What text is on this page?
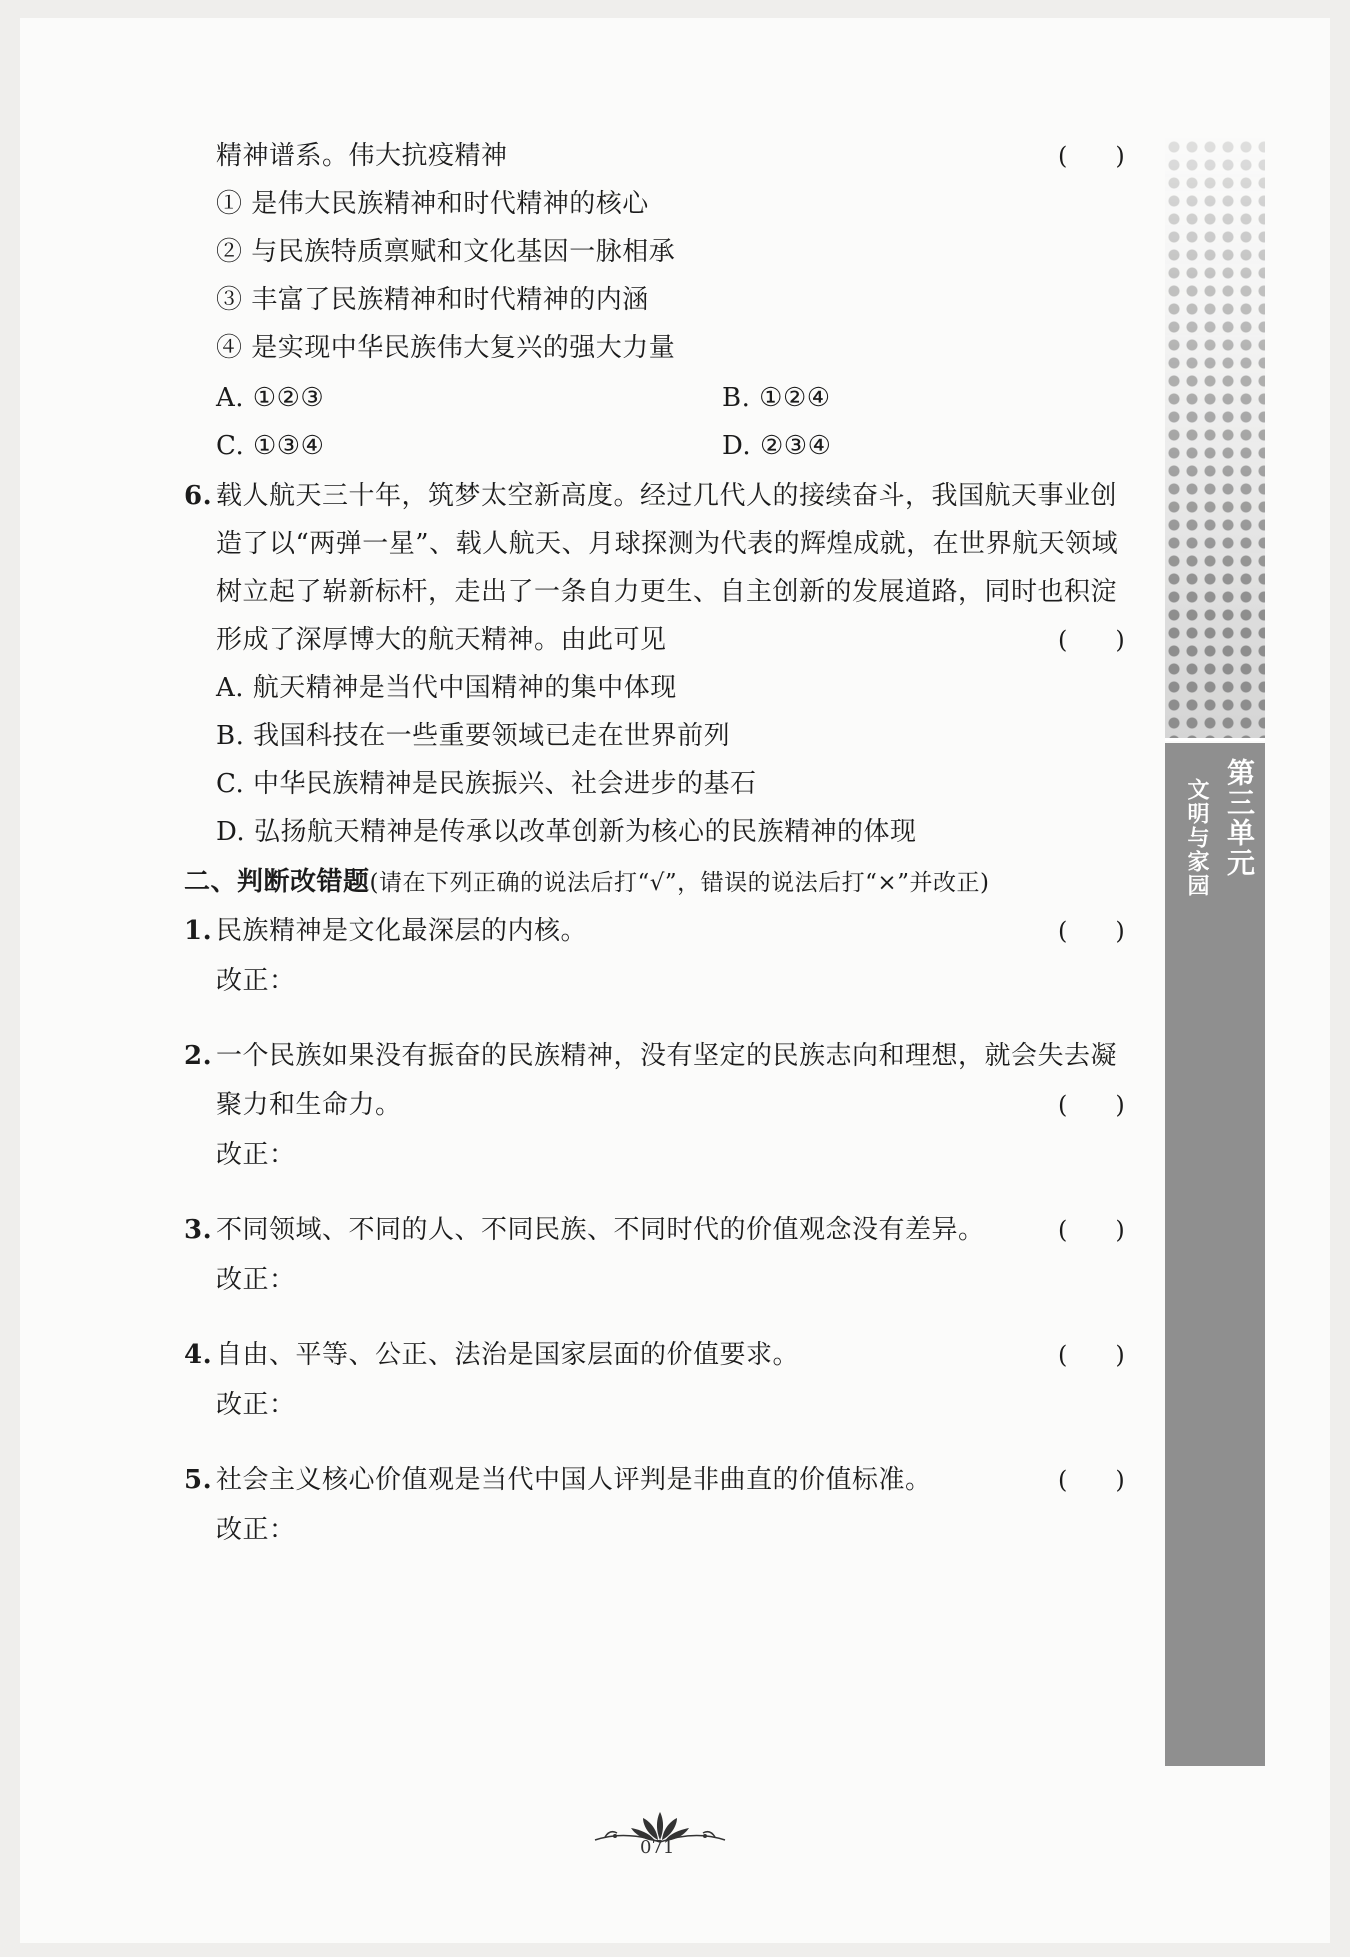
第三单元
文明与家园
精神谱系。伟大抗疫精神	(　　)
① 是伟大民族精神和时代精神的核心
② 与民族特质禀赋和文化基因一脉相承
③ 丰富了民族精神和时代精神的内涵
④ 是实现中华民族伟大复兴的强大力量
A. ①②③	B. ①②④
C. ①③④	D. ②③④
6. 载人航天三十年，筑梦太空新高度。经过几代人的接续奋斗，我国航天事业创
造了以“两弹一星”、载人航天、月球探测为代表的辉煌成就，在世界航天领域
树立起了崭新标杆，走出了一条自力更生、自主创新的发展道路，同时也积淀
形成了深厚博大的航天精神。由此可见	(　　)
A. 航天精神是当代中国精神的集中体现
B. 我国科技在一些重要领域已走在世界前列
C. 中华民族精神是民族振兴、社会进步的基石
D. 弘扬航天精神是传承以改革创新为核心的民族精神的体现
二、判断改错题(请在下列正确的说法后打“√”，错误的说法后打“×”并改正)
1. 民族精神是文化最深层的内核。	(　　)
改正：
2. 一个民族如果没有振奋的民族精神，没有坚定的民族志向和理想，就会失去凝
聚力和生命力。	(　　)
改正：
3. 不同领域、不同的人、不同民族、不同时代的价值观念没有差异。	(　　)
改正：
4. 自由、平等、公正、法治是国家层面的价值要求。	(　　)
改正：
5. 社会主义核心价值观是当代中国人评判是非曲直的价值标准。	(　　)
改正：
071
